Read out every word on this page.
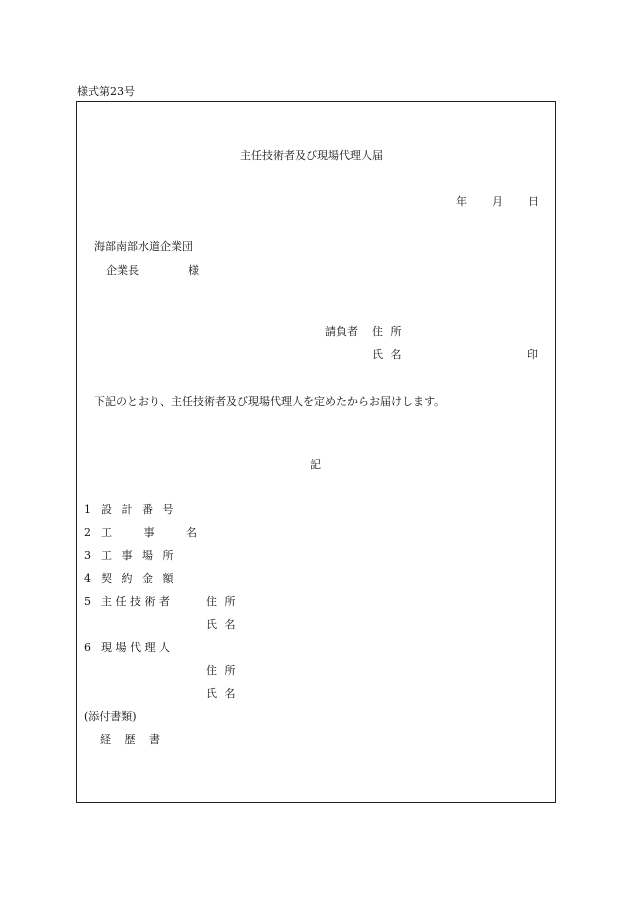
様式第23号
主任技術者及び現場代理人届
年 月 日
海部南部水道企業団
企業長	様
請負者 住 所
氏 名	印
下記のとおり、主任技術者及び現場代理人を定めたからお届けします。
記
1 設 計 番 号
2 工 事 名
3 工 事 場 所
4 契 約 金 額
5 主 任 技 術 者	住 所
氏 名
6 現 場 代 理 人
住 所
氏 名
(添付書類)
経 歴 書
